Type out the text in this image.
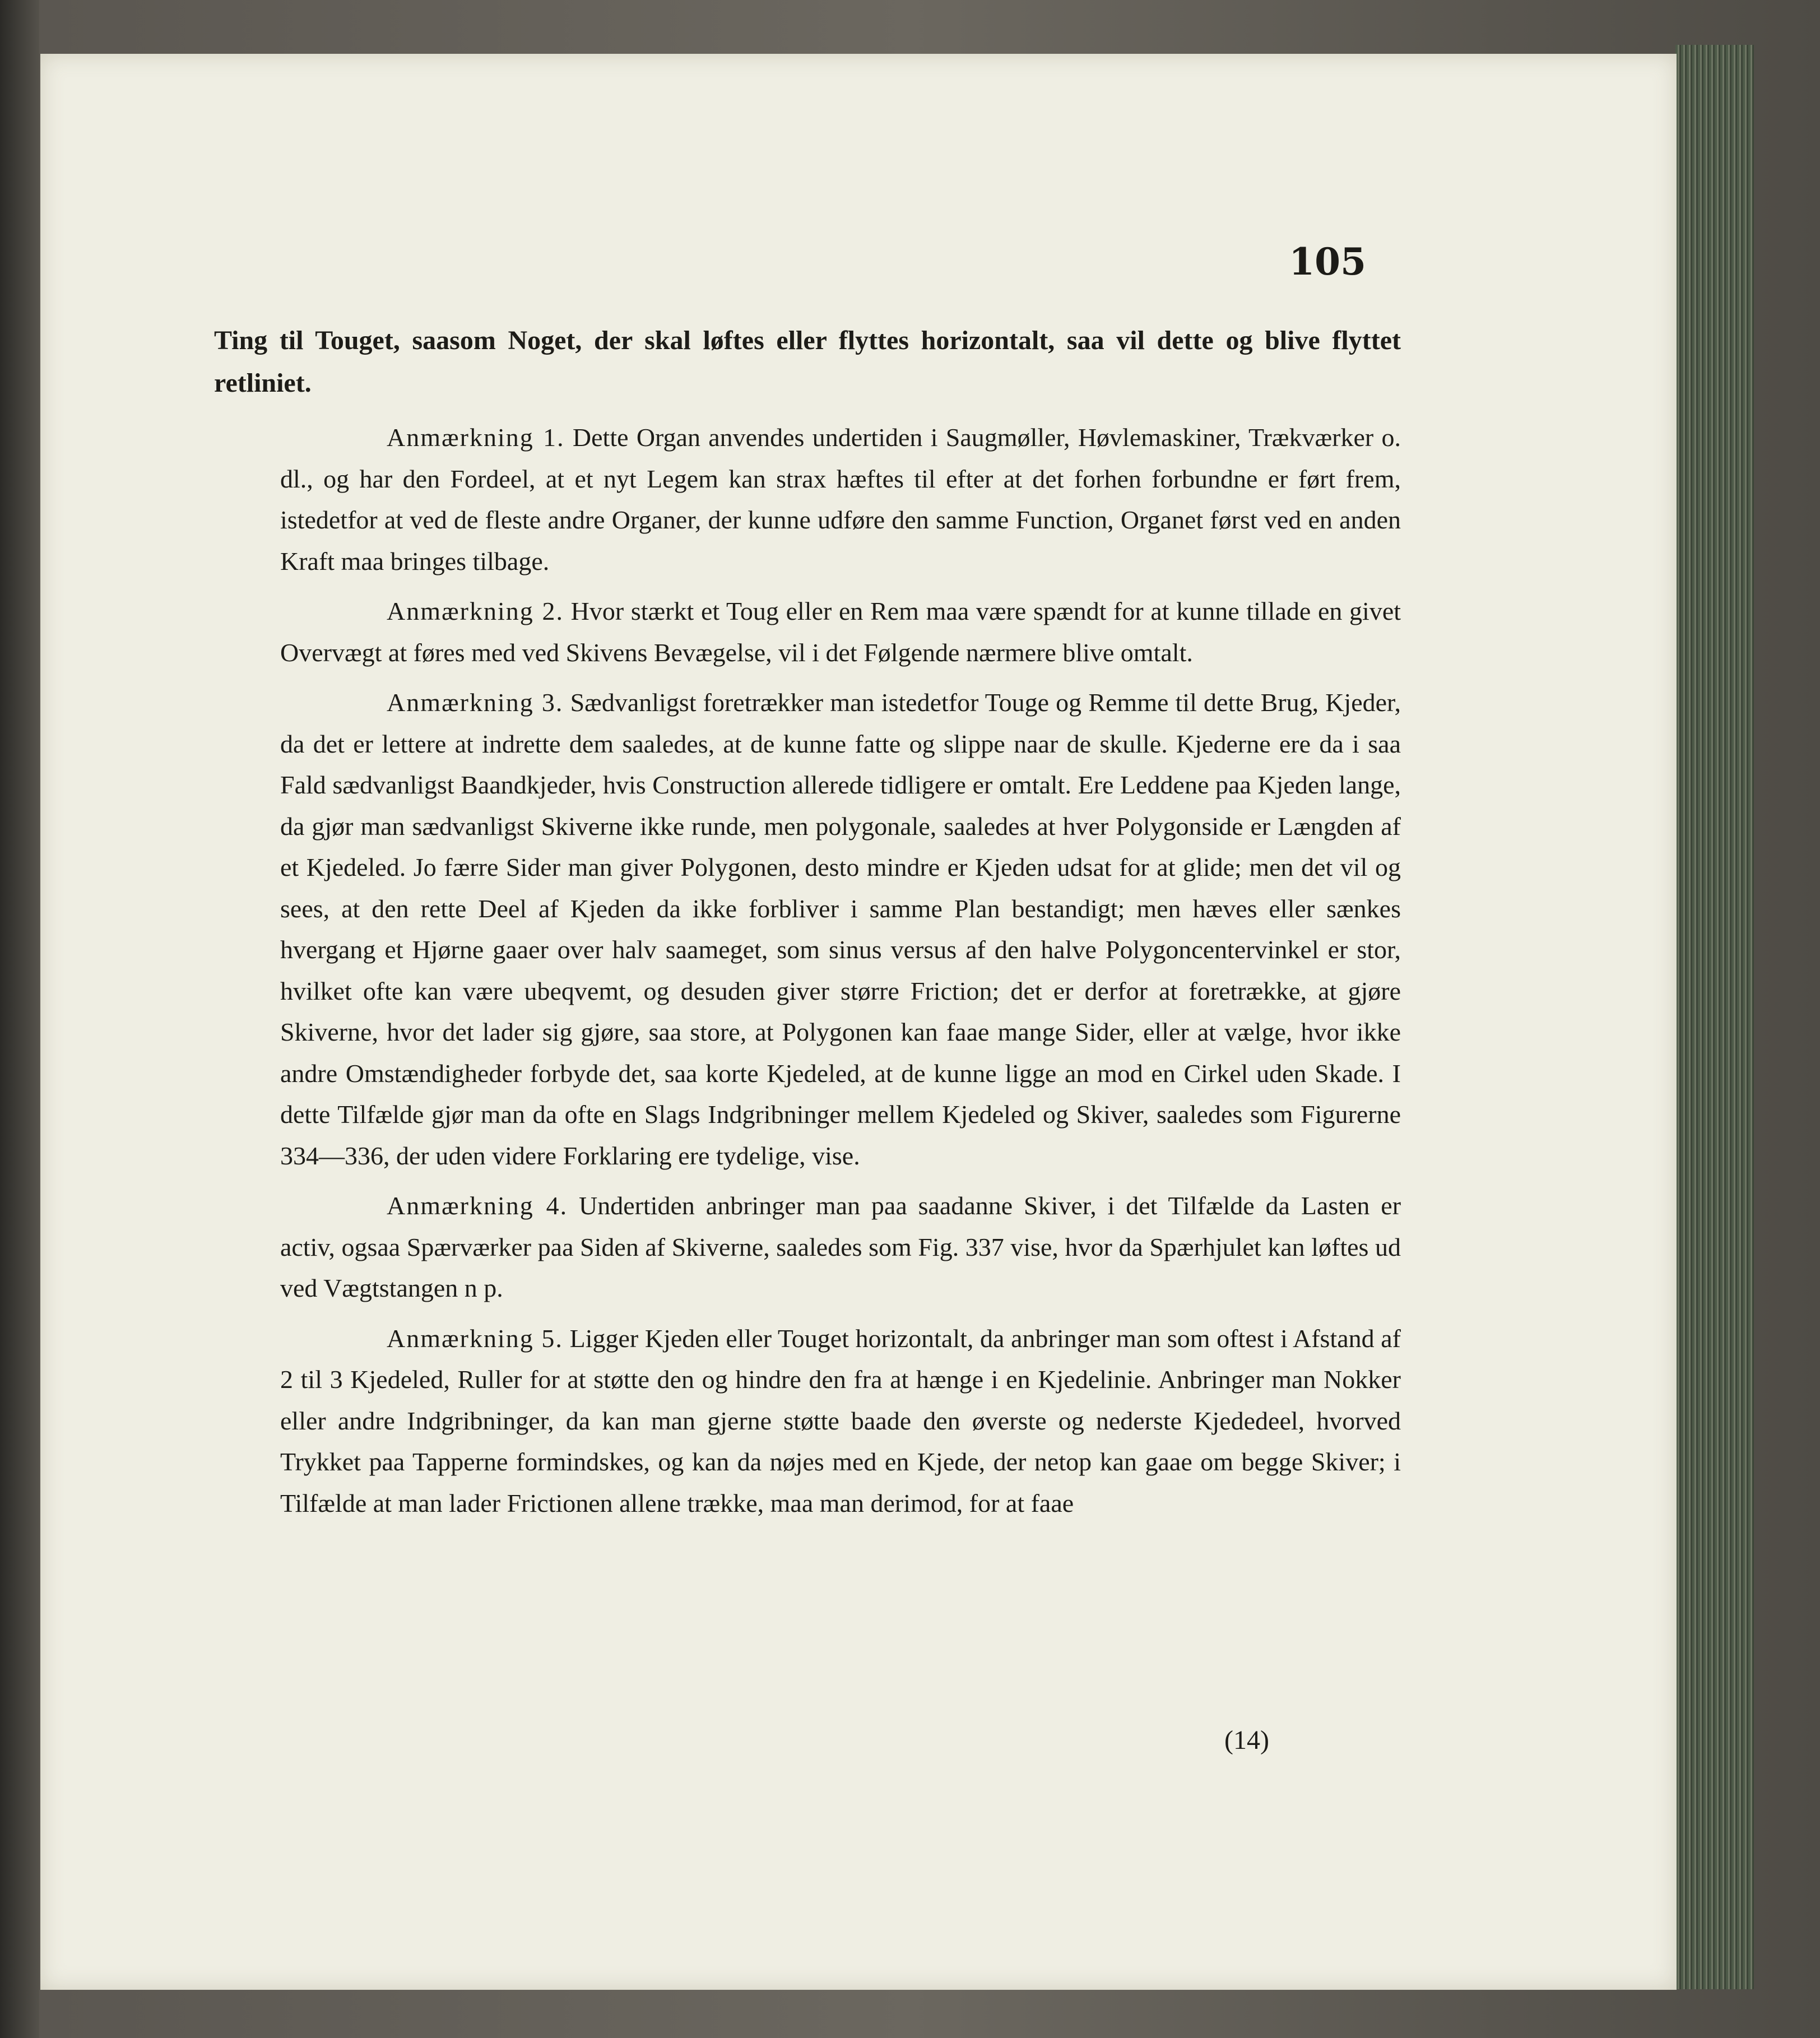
105

Ting til Touget, saasom Noget, der skal løftes eller flyttes horizontalt, saa vil dette og blive flyttet retliniet.

Anmærkning 1. Dette Organ anvendes undertiden i Saugmøller, Høvlemaskiner, Trækværker o. dl., og har den Fordeel, at et nyt Legem kan strax hæftes til efter at det forhen forbundne er ført frem, istedetfor at ved de fleste andre Organer, der kunne udføre den samme Function, Organet først ved en anden Kraft maa bringes tilbage.

Anmærkning 2. Hvor stærkt et Toug eller en Rem maa være spændt for at kunne tillade en givet Overvægt at føres med ved Skivens Bevægelse, vil i det Følgende nærmere blive omtalt.

Anmærkning 3. Sædvanligst foretrækker man istedetfor Touge og Remme til dette Brug, Kjeder, da det er lettere at indrette dem saaledes, at de kunne fatte og slippe naar de skulle. Kjederne ere da i saa Fald sædvanligst Baandkjeder, hvis Construction allerede tidligere er omtalt. Ere Leddene paa Kjeden lange, da gjør man sædvanligst Skiverne ikke runde, men polygonale, saaledes at hver Polygonside er Længden af et Kjedeled. Jo færre Sider man giver Polygonen, desto mindre er Kjeden udsat for at glide; men det vil og sees, at den rette Deel af Kjeden da ikke forbliver i samme Plan bestandigt; men hæves eller sænkes hvergang et Hjørne gaaer over halv saameget, som sinus versus af den halve Polygoncentervinkel er stor, hvilket ofte kan være ubeqvemt, og desuden giver større Friction; det er derfor at foretrække, at gjøre Skiverne, hvor det lader sig gjøre, saa store, at Polygonen kan faae mange Sider, eller at vælge, hvor ikke andre Omstændigheder forbyde det, saa korte Kjedeled, at de kunne ligge an mod en Cirkel uden Skade. I dette Tilfælde gjør man da ofte en Slags Indgribninger mellem Kjedeled og Skiver, saaledes som Figurerne 334—336, der uden videre Forklaring ere tydelige, vise.

Anmærkning 4. Undertiden anbringer man paa saadanne Skiver, i det Tilfælde da Lasten er activ, ogsaa Spærværker paa Siden af Skiverne, saaledes som Fig. 337 vise, hvor da Spærhjulet kan løftes ud ved Vægtstangen n p.

Anmærkning 5. Ligger Kjeden eller Touget horizontalt, da anbringer man som oftest i Afstand af 2 til 3 Kjedeled, Ruller for at støtte den og hindre den fra at hænge i en Kjedelinie. Anbringer man Nokker eller andre Indgribninger, da kan man gjerne støtte baade den øverste og nederste Kjededeel, hvorved Trykket paa Tapperne formindskes, og kan da nøjes med en Kjede, der netop kan gaae om begge Skiver; i Tilfælde at man lader Frictionen allene trække, maa man derimod, for at faae

(14)
